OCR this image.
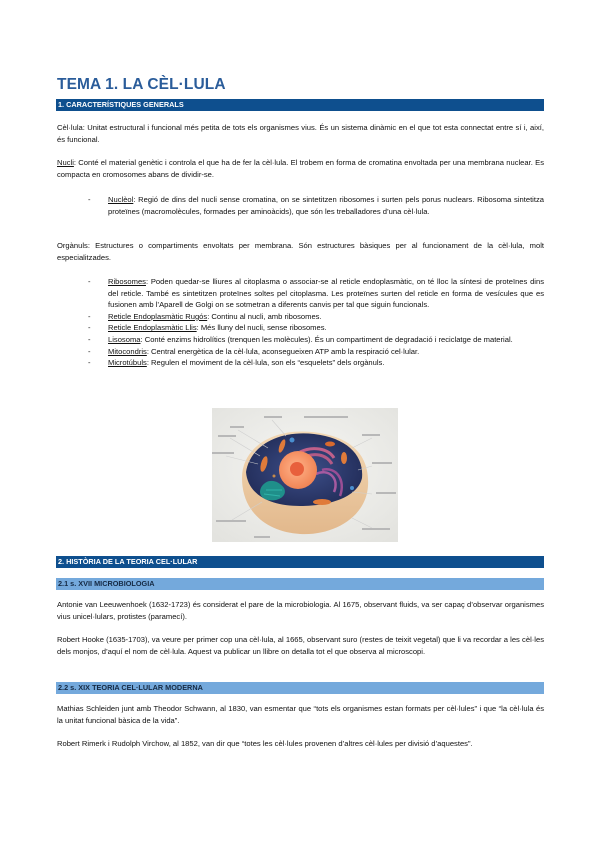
TEMA 1. LA CÈL·LULA
1. CARACTERÍSTIQUES GENERALS

Cèl·lula: Unitat estructural i funcional més petita de tots els organismes vius. És un sistema dinàmic en el que tot esta connectat entre sí i, així, és funcional.

Nucli: Conté el material genètic i controla el que ha de fer la cèl·lula. El trobem en forma de cromatina envoltada per una membrana nuclear. Es compacta en cromosomes abans de dividir-se.

- Nuclèol: Regió de dins del nucli sense cromatina, on se sintetitzen ribosomes i surten pels porus nuclears. Ribosoma sintetitza proteïnes (macromolècules, formades per aminoàcids), que són les treballadores d’una cèl·lula.

Orgànuls: Estructures o compartiments envoltats per membrana. Són estructures bàsiques per al funcionament de la cèl·lula, molt especialitzades.

- Ribosomes: Poden quedar-se lliures al citoplasma o associar-se al reticle endoplasmàtic, on té lloc la síntesi de proteïnes dins del reticle. També es sintetitzen proteïnes soltes pel citoplasma. Les proteïnes surten del reticle en forma de vesícules que es fusionen amb l’Aparell de Golgi on se sotmetran a diferents canvis per tal que siguin funcionals.
- Reticle Endoplasmàtic Rugós: Continu al nucli, amb ribosomes.
- Reticle Endoplasmàtic Llis: Més lluny del nucli, sense ribosomes.
- Lisosoma: Conté enzims hidrolítics (trenquen les molècules). És un compartiment de degradació i reciclatge de material.
- Mitocondris: Central energètica de la cèl·lula, aconsegueixen ATP amb la respiració cel·lular.
- Microtúbuls: Regulen el moviment de la cèl·lula, son els “esquelets” dels orgànuls.
2. HISTÒRIA DE LA TEORIA CEL·LULAR
2.1 s. XVII MICROBIOLOGIA

Antonie van Leeuwenhoek (1632-1723) és considerat el pare de la microbiologia. Al 1675, observant fluids, va ser capaç d’observar organismes vius unicel·lulars, protistes (paramecí).

Robert Hooke (1635-1703), va veure per primer cop una cèl·lula, al 1665, observant suro (restes de teixit vegetal) que li va recordar a les cèl·les dels monjos, d’aquí el nom de cèl·lula. Aquest va publicar un llibre on detalla tot el que observa al microscopi.

2.2 s. XIX TEORIA CEL·LULAR MODERNA

Mathias Schleiden junt amb Theodor Schwann, al 1830, van esmentar que “tots els organismes estan formats per cèl·lules” i que “la cèl·lula és la unitat funcional bàsica de la vida”.

Robert Rimerk i Rudolph Virchow, al 1852, van dir que “totes les cèl·lules provenen d’altres cèl·lules per divisió d’aquestes”.
